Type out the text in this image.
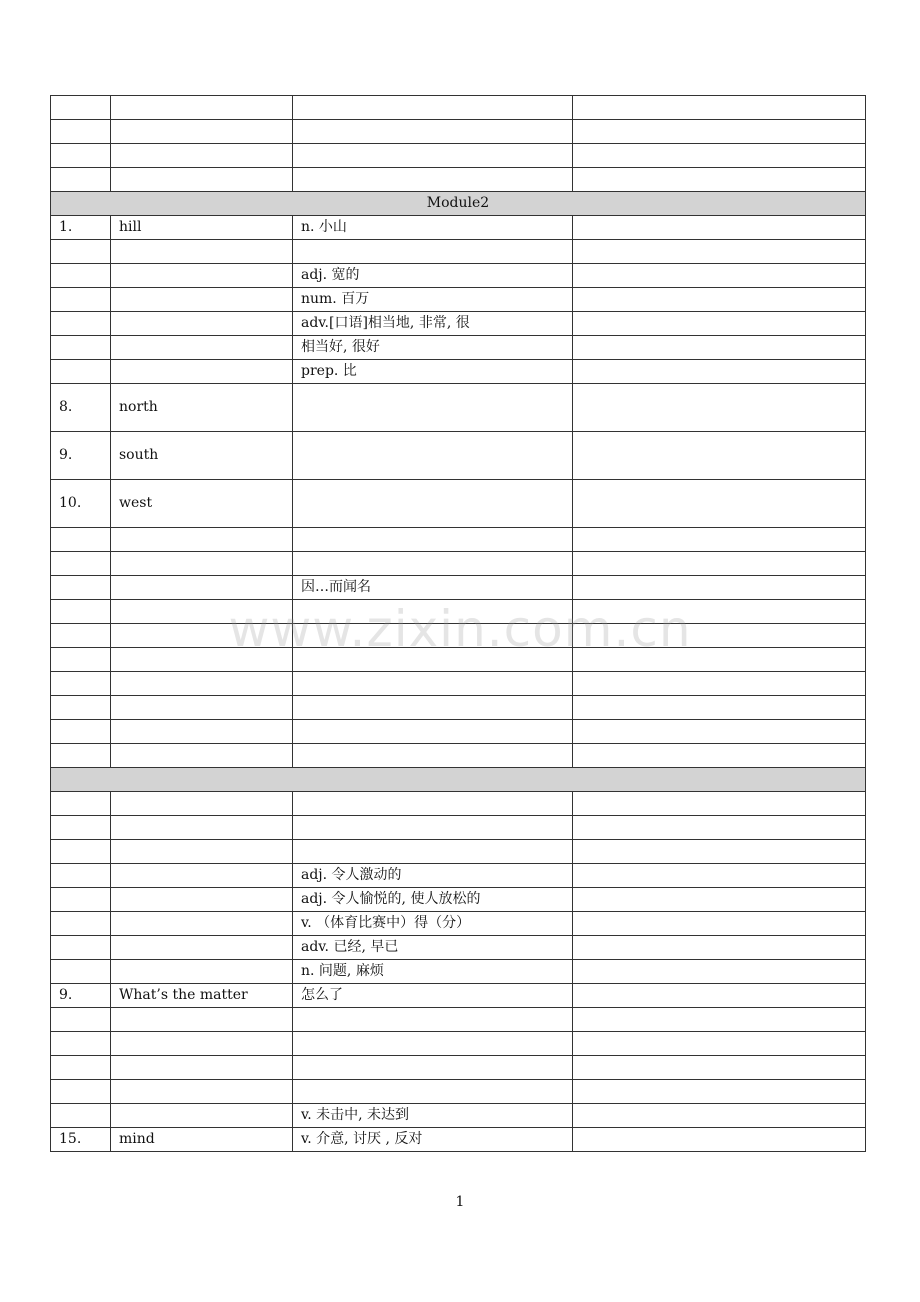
Module2			
1.	hill	n. 小山	

		adj. 宽的	
		num. 百万	
		adv.[口语]相当地, 非常, 很	
		相当好, 很好	
		prep. 比	
8.	north		
9.	south		
10.	west		

		因…而闻名	

		adj. 令人激动的	
		adj. 令人愉悦的, 使人放松的	
		v. （体育比赛中）得（分）	
		adv. 已经, 早已	
		n. 问题, 麻烦	
9.	What’s the matter	怎么了	

		v. 未击中, 未达到	
15.	mind	v. 介意, 讨厌 , 反对	
www.zixin.com.cn
1
